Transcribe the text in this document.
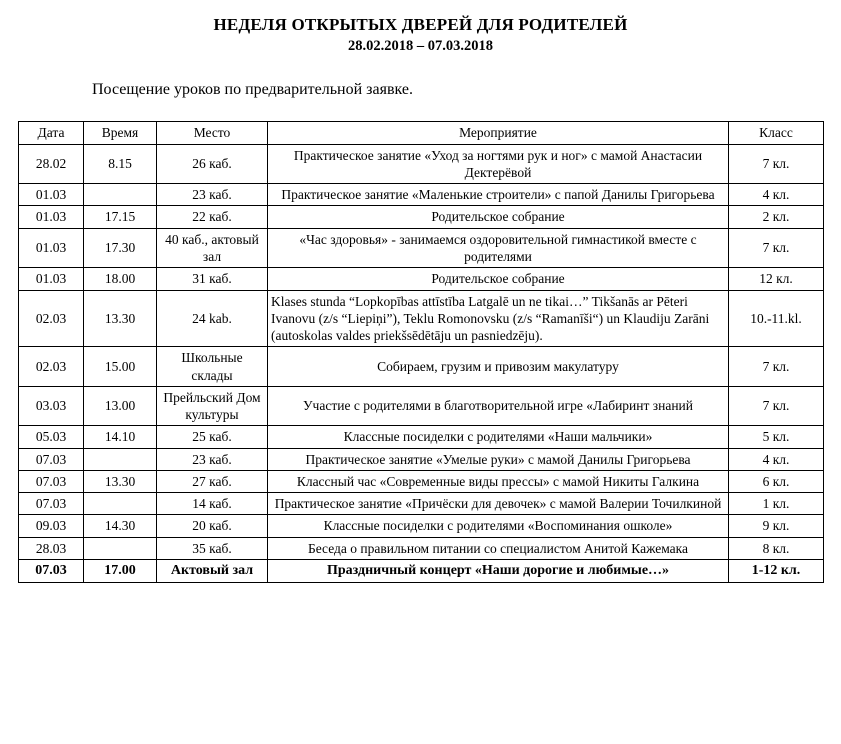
НЕДЕЛЯ ОТКРЫТЫХ ДВЕРЕЙ ДЛЯ РОДИТЕЛЕЙ
28.02.2018 – 07.03.2018
Посещение уроков по предварительной заявке.
Дата	Время	Место	Мероприятие	Класс
28.02	8.15	26 каб.	Практическое занятие «Уход за ногтями рук и ног» с мамой Анастасии Дектерёвой	7 кл.
01.03		23 каб.	Практическое занятие «Маленькие строители» с папой Данилы Григорьева	4 кл.
01.03	17.15	22 каб.	Родительское собрание	2 кл.
01.03	17.30	40 каб., актовый зал	«Час здоровья» - занимаемся оздоровительной гимнастикой вместе с родителями	7 кл.
01.03	18.00	31 каб.	Родительское собрание	12 кл.
02.03	13.30	24 kab.	Klases stunda “Lopkopības attīstība Latgalē un ne tikai…” Tikšanās ar Pēteri Ivanovu (z/s “Liepiņi”), Teklu Romonovsku (z/s “Ramanīši“) un Klaudiju Zarāni (autoskolas valdes priekšsēdētāju un pasniedzēju).	10.-11.kl.
02.03	15.00	Школьные склады	Собираем, грузим и привозим макулатуру	7 кл.
03.03	13.00	Прейльский Дом культуры	Участие с родителями в благотворительной игре «Лабиринт знаний	7 кл.
05.03	14.10	25 каб.	Классные посиделки с родителями «Наши мальчики»	5 кл.
07.03		23 каб.	Практическое занятие «Умелые руки» с мамой Данилы Григорьева	4 кл.
07.03	13.30	27 каб.	Классный час «Современные виды прессы» с мамой Никиты Галкина	6 кл.
07.03		14 каб.	Практическое занятие «Причёски для девочек» с мамой Валерии Точилкиной	1 кл.
09.03	14.30	20 каб.	Классные посиделки с родителями «Воспоминания ошколе»	9 кл.
28.03		35 каб.	Беседа о правильном питании со специалистом Анитой Кажемака	8 кл.
07.03	17.00	Актовый зал	Праздничный концерт «Наши дорогие и любимые…»	1-12 кл.
